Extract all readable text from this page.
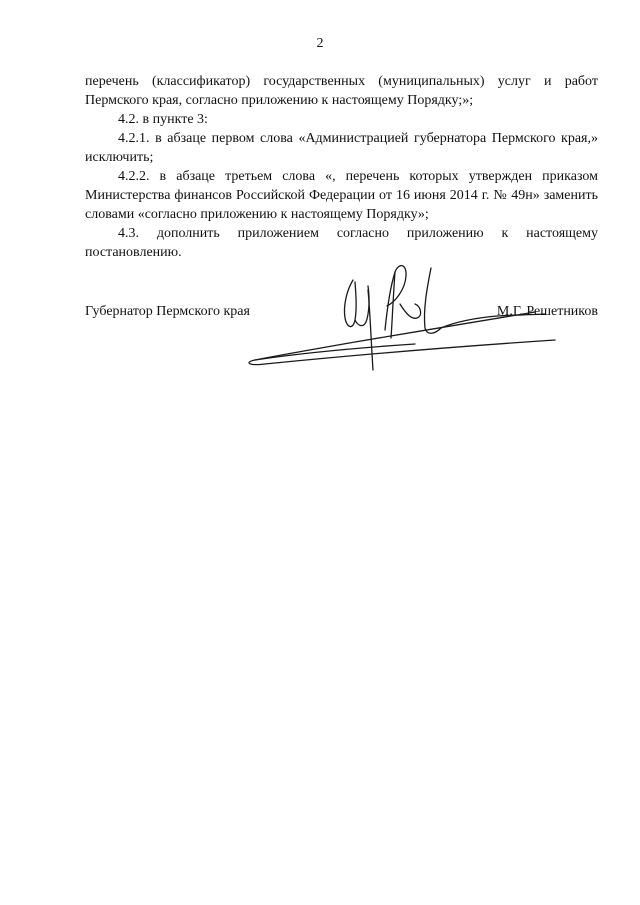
2

перечень (классификатор) государственных (муниципальных) услуг и работ Пермского края, согласно приложению к настоящему Порядку;»;

4.2. в пункте 3:

4.2.1. в абзаце первом слова «Администрацией губернатора Пермского края,» исключить;

4.2.2. в абзаце третьем слова «, перечень которых утвержден приказом Министерства финансов Российской Федерации от 16 июня 2014 г. № 49н» заменить словами «согласно приложению к настоящему Порядку»;

4.3. дополнить приложением согласно приложению к настоящему постановлению.

Губернатор Пермского края	М.Г. Решетников
